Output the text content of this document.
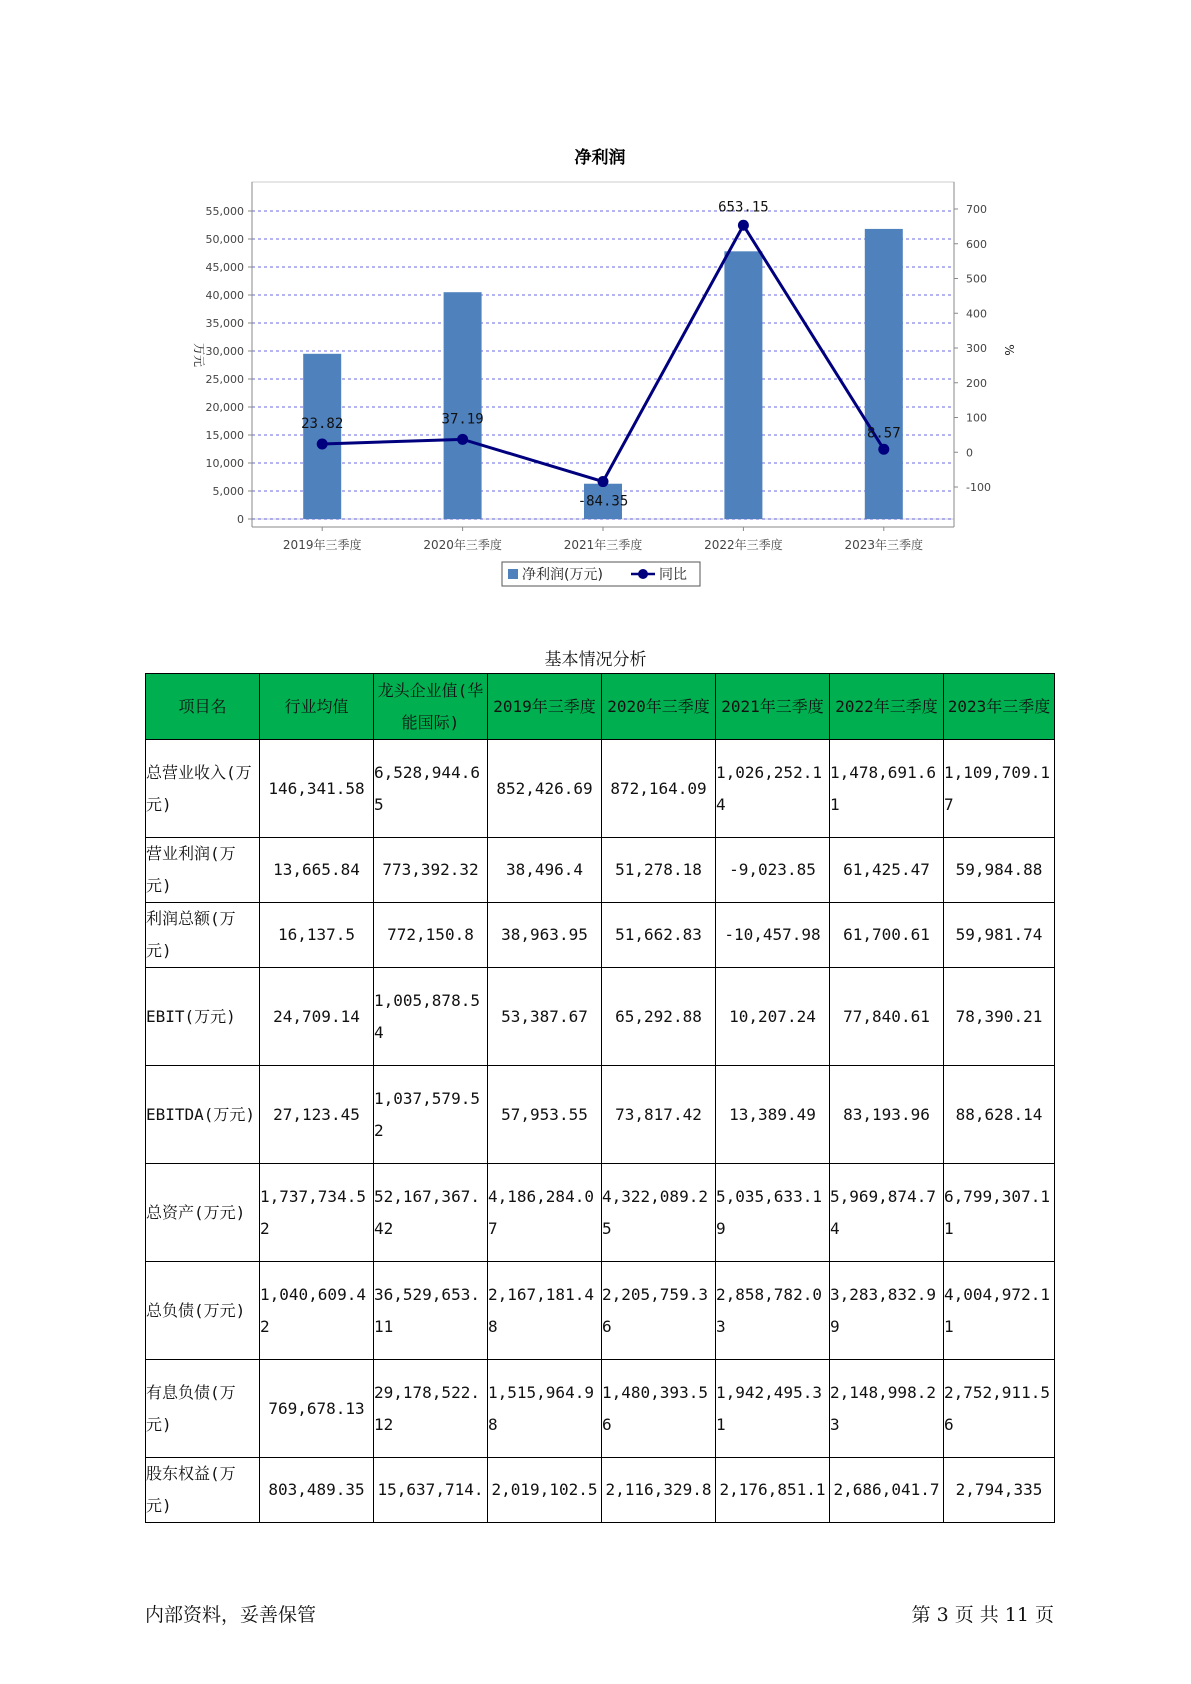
净利润
0
5,000
10,000
15,000
20,000
25,000
30,000
35,000
40,000
45,000
50,000
55,000
-100
0
100
200
300
400
500
600
700
万元	%
2019年三季度	2020年三季度	2021年三季度	2022年三季度	2023年三季度
23.82	37.19
-84.35
653.15
8.57
净利润(万元)	同比
基本情况分析
项目名	行业均值	龙头企业值(华能国际)	2019年三季度	2020年三季度	2021年三季度	2022年三季度	2023年三季度
总营业收入(万元)	146,341.58	6,528,944.65	852,426.69	872,164.09	1,026,252.14	1,478,691.61	1,109,709.17
营业利润(万元)	13,665.84	773,392.32	38,496.4	51,278.18	-9,023.85	61,425.47	59,984.88
利润总额(万元)	16,137.5	772,150.8	38,963.95	51,662.83	-10,457.98	61,700.61	59,981.74
EBIT(万元)	24,709.14	1,005,878.54	53,387.67	65,292.88	10,207.24	77,840.61	78,390.21
EBITDA(万元)	27,123.45	1,037,579.52	57,953.55	73,817.42	13,389.49	83,193.96	88,628.14
总资产(万元)	1,737,734.52	52,167,367.42	4,186,284.07	4,322,089.25	5,035,633.19	5,969,874.74	6,799,307.11
总负债(万元)	1,040,609.42	36,529,653.11	2,167,181.48	2,205,759.36	2,858,782.03	3,283,832.99	4,004,972.11
有息负债(万元)	769,678.13	29,178,522.12	1,515,964.98	1,480,393.56	1,942,495.31	2,148,998.23	2,752,911.56
股东权益(万元)	803,489.35	15,637,714.	2,019,102.5	2,116,329.8	2,176,851.1	2,686,041.7	2,794,335
内部资料，妥善保管	第 3 页 共 11 页
